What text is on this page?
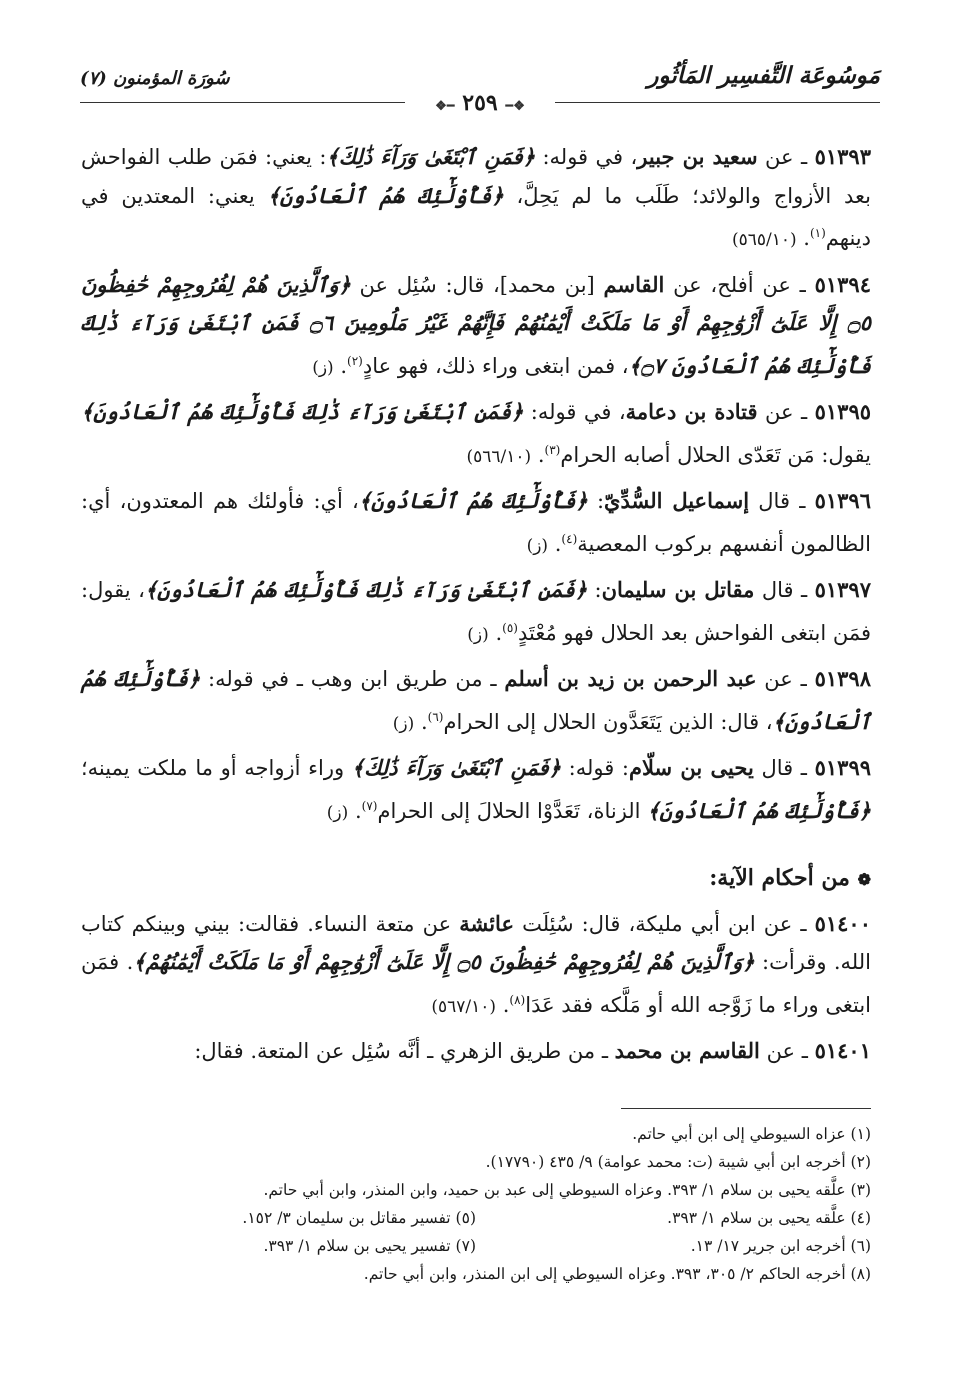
مَوسُوعَة التَّفسِير المَأثُور
سُورَة المؤمنون (٧)
❖━ ٢٥٩ ━❖

٥١٣٩٣ ـ عن سعيد بن جبير، في قوله: ﴿فَمَنِ ٱبْتَغَىٰ وَرَآءَ ذَٰلِكَ﴾: يعني: فمَن طلب الفواحش بعد الأزواج والولائد؛ طَلَب ما لم يَحِلَّ، ﴿فَأُوْلَٰٓئِكَ هُمُ ٱلْعَادُونَ﴾ يعني: المعتدين في دينهم$^{(١)}$. (٥٦٥/١٠)

٥١٣٩٤ ـ عن أفلح، عن القاسم [بن محمد]، قال: سُئِل عن ﴿وَٱلَّذِينَ هُمْ لِفُرُوجِهِمْ حَٰفِظُونَ ۝٥ إِلَّا عَلَىٰٓ أَزْوَٰجِهِمْ أَوْ مَا مَلَكَتْ أَيْمَٰنُهُمْ فَإِنَّهُمْ غَيْرُ مَلُومِينَ ۝٦ فَمَنِ ٱبْتَغَىٰ وَرَآءَ ذَٰلِكَ فَأُوْلَٰٓئِكَ هُمُ ٱلْعَادُونَ ۝٧﴾، فمن ابتغى وراء ذلك، فهو عادٍ$^{(٢)}$. (ز)

٥١٣٩٥ ـ عن قتادة بن دعامة، في قوله: ﴿فَمَنِ ٱبْتَغَىٰ وَرَآءَ ذَٰلِكَ فَأُوْلَٰٓئِكَ هُمُ ٱلْعَادُونَ﴾ يقول: مَن تَعَدّى الحلال أصابه الحرام$^{(٣)}$. (٥٦٦/١٠)

٥١٣٩٦ ـ قال إسماعيل السُّدِّيّ: ﴿فَأُوْلَٰٓئِكَ هُمُ ٱلْعَادُونَ﴾، أي: فأولئك هم المعتدون، أي: الظالمون أنفسهم بركوب المعصية$^{(٤)}$. (ز)

٥١٣٩٧ ـ قال مقاتل بن سليمان: ﴿فَمَنِ ٱبْتَغَىٰ وَرَآءَ ذَٰلِكَ فَأُوْلَٰٓئِكَ هُمُ ٱلْعَادُونَ﴾، يقول: فمَن ابتغى الفواحش بعد الحلال فهو مُعْتَدٍ$^{(٥)}$. (ز)

٥١٣٩٨ ـ عن عبد الرحمن بن زيد بن أسلم ـ من طريق ابن وهب ـ في قوله: ﴿فَأُوْلَٰٓئِكَ هُمُ ٱلْعَادُونَ﴾، قال: الذين يَتَعَدَّون الحلال إلى الحرام$^{(٦)}$. (ز)

٥١٣٩٩ ـ قال يحيى بن سلّام: قوله: ﴿فَمَنِ ٱبْتَغَىٰ وَرَآءَ ذَٰلِكَ﴾ وراء أزواجه أو ما ملكت يمينه؛ ﴿فَأُوْلَٰٓئِكَ هُمُ ٱلْعَادُونَ﴾ الزناة، تَعَدَّوْا الحلالَ إلى الحرام$^{(٧)}$. (ز)

❁ من أحكام الآية:

٥١٤٠٠ ـ عن ابن أبي مليكة، قال: سُئِلَت عائشة عن متعة النساء. فقالت: بيني وبينكم كتاب الله. وقرأت: ﴿وَٱلَّذِينَ هُمْ لِفُرُوجِهِمْ حَٰفِظُونَ ۝٥ إِلَّا عَلَىٰٓ أَزْوَٰجِهِمْ أَوْ مَا مَلَكَتْ أَيْمَٰنُهُمْ﴾. فمَن ابتغى وراء ما زَوَّجه الله أو مَلَّكه فقد عَدَا$^{(٨)}$. (٥٦٧/١٠)

٥١٤٠١ ـ عن القاسم بن محمد ـ من طريق الزهري ـ أنَّه سُئِل عن المتعة. فقال:

(١) عزاه السيوطي إلى ابن أبي حاتم.
(٢) أخرجه ابن أبي شيبة (ت: محمد عوامة) ٩/ ٤٣٥ (١٧٧٩٠).
(٣) علَّقه يحيى بن سلام ١/ ٣٩٣. وعزاه السيوطي إلى عبد بن حميد، وابن المنذر، وابن أبي حاتم.
(٤) علَّقه يحيى بن سلام ١/ ٣٩٣.
(٥) تفسير مقاتل بن سليمان ٣/ ١٥٢.
(٦) أخرجه ابن جرير ١٧/ ١٣.
(٧) تفسير يحيى بن سلام ١/ ٣٩٣.
(٨) أخرجه الحاكم ٢/ ٣٠٥، ٣٩٣. وعزاه السيوطي إلى ابن المنذر، وابن أبي حاتم.
